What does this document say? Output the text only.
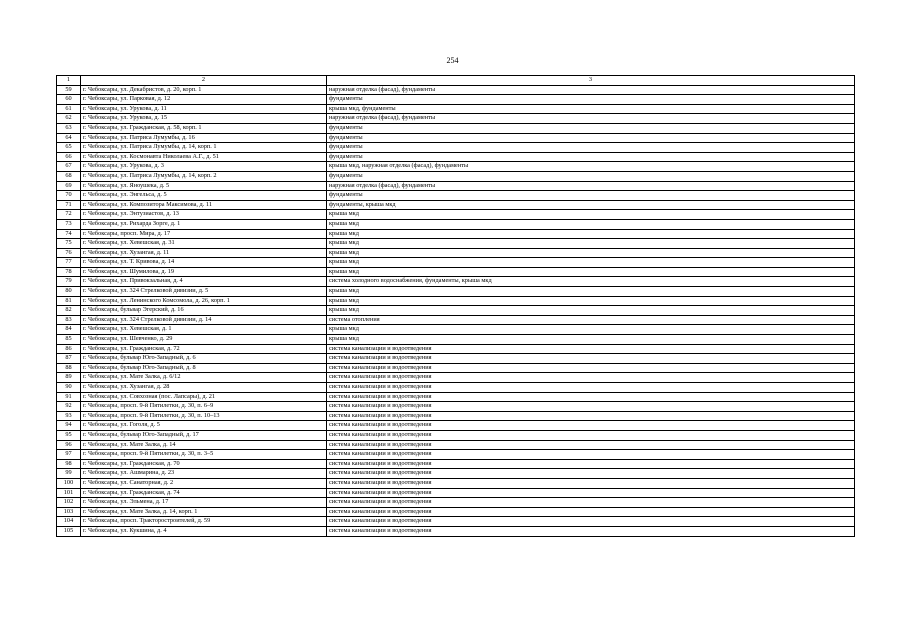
254
1	2	3
59	г. Чебоксары, ул. Декабристов, д. 20, корп. 1	наружная отделка (фасад), фундаменты
60	г. Чебоксары, ул. Парковая, д. 12	фундаменты
61	г. Чебоксары, ул. Урукова, д. 11	крыша мкд, фундаменты
62	г. Чебоксары, ул. Урукова, д. 15	наружная отделка (фасад), фундаменты
63	г. Чебоксары, ул. Гражданская, д. 58, корп. 1	фундаменты
64	г. Чебоксары, ул. Патриса Лумумбы, д. 16	фундаменты
65	г. Чебоксары, ул. Патриса Лумумбы, д. 14, корп. 1	фундаменты
66	г. Чебоксары, ул. Космонавта Николаева А.Г., д. 51	фундаменты
67	г. Чебоксары, ул. Урукова, д. 3	крыша мкд, наружная отделка (фасад), фундаменты
68	г. Чебоксары, ул. Патриса Лумумбы, д. 14, корп. 2	фундаменты
69	г. Чебоксары, ул. Яноушека, д. 5	наружная отделка (фасад), фундаменты
70	г. Чебоксары, ул. Энгельса, д. 5	фундаменты
71	г. Чебоксары, ул. Композитора Максимова, д. 11	фундаменты, крыша мкд
72	г. Чебоксары, ул. Энтузиастов, д. 13	крыша мкд
73	г. Чебоксары, ул. Рихарда Зорге, д. 1	крыша мкд
74	г. Чебоксары, просп. Мира, д. 17	крыша мкд
75	г. Чебоксары, ул. Хевешская, д. 31	крыша мкд
76	г. Чебоксары, ул. Хузангая, д. 11	крыша мкд
77	г. Чебоксары, ул. Т. Кривова, д. 14	крыша мкд
78	г. Чебоксары, ул. Шумилова, д. 19	крыша мкд
79	г. Чебоксары, ул. Привокзальная, д. 4	система холодного водоснабжения, фундаменты, крыша мкд
80	г. Чебоксары, ул. 324 Стрелковой дивизии, д. 5	крыша мкд
81	г. Чебоксары, ул. Ленинского Комсомола, д. 26, корп. 1	крыша мкд
82	г. Чебоксары, бульвар Эгерский, д. 16	крыша мкд
83	г. Чебоксары, ул. 324 Стрелковой дивизии, д. 14	система отопления
84	г. Чебоксары, ул. Хевешская, д. 1	крыша мкд
85	г. Чебоксары, ул. Шевченко, д. 29	крыша мкд
86	г. Чебоксары, ул. Гражданская, д. 72	система канализации и водоотведения
87	г. Чебоксары, бульвар Юго-Западный, д. 6	система канализации и водоотведения
88	г. Чебоксары, бульвар Юго-Западный, д. 8	система канализации и водоотведения
89	г. Чебоксары, ул. Мате Залка, д. 6/12	система канализации и водоотведения
90	г. Чебоксары, ул. Хузангая, д. 28	система канализации и водоотведения
91	г. Чебоксары, ул. Совхозная (пос. Лапсары), д. 21	система канализации и водоотведения
92	г. Чебоксары, просп. 9-й Пятилетки, д. 30, п. 6–9	система канализации и водоотведения
93	г. Чебоксары, просп. 9-й Пятилетки, д. 30, п. 10–13	система канализации и водоотведения
94	г. Чебоксары, ул. Гоголя, д. 5	система канализации и водоотведения
95	г. Чебоксары, бульвар Юго-Западный, д. 17	система канализации и водоотведения
96	г. Чебоксары, ул. Мате Залка, д. 14	система канализации и водоотведения
97	г. Чебоксары, просп. 9-й Пятилетки, д. 30, п. 3–5	система канализации и водоотведения
98	г. Чебоксары, ул. Гражданская, д. 70	система канализации и водоотведения
99	г. Чебоксары, ул. Ашмарина, д. 23	система канализации и водоотведения
100	г. Чебоксары, ул. Санаторная, д. 2	система канализации и водоотведения
101	г. Чебоксары, ул. Гражданская, д. 74	система канализации и водоотведения
102	г. Чебоксары, ул. Эльмена, д. 17	система канализации и водоотведения
103	г. Чебоксары, ул. Мате Залка, д. 14, корп. 1	система канализации и водоотведения
104	г. Чебоксары, просп. Тракторостроителей, д. 59	система канализации и водоотведения
105	г. Чебоксары, ул. Кукшина, д. 4	система канализации и водоотведения
